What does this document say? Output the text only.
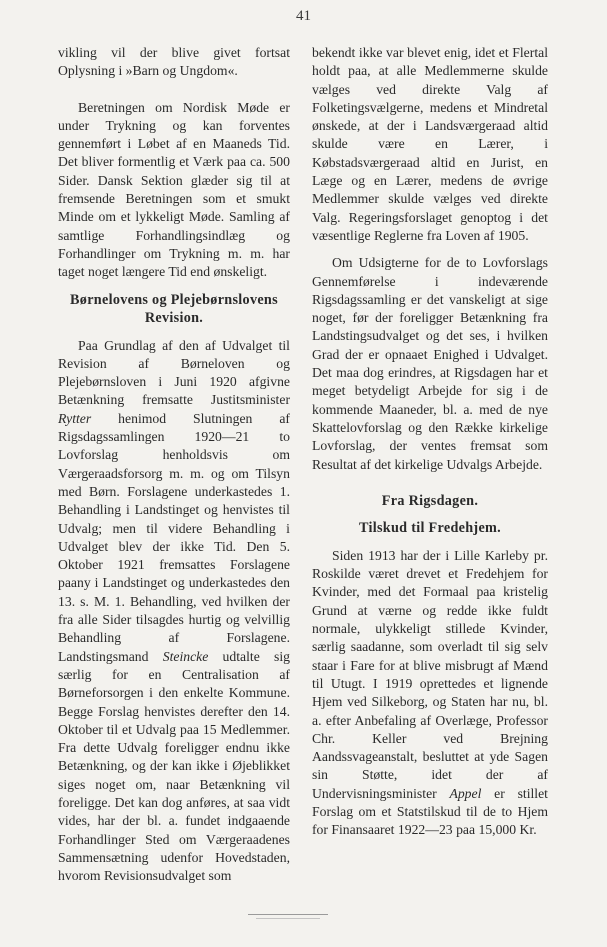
41

vikling vil der blive givet fortsat Oplysning i »Barn og Ungdom«.

Beretningen om Nordisk Møde er under Trykning og kan forventes gennemført i Løbet af en Maaneds Tid. Det bliver formentlig et Værk paa ca. 500 Sider. Dansk Sektion glæder sig til at fremsende Beretningen som et smukt Minde om et lykkeligt Møde. Samling af samtlige Forhandlingsindlæg og Forhandlinger om Trykning m. m. har taget noget længere Tid end ønskeligt.

Børnelovens og Plejebørnslovens Revision.

Paa Grundlag af den af Udvalget til Revision af Børneloven og Plejebørnsloven i Juni 1920 afgivne Betænkning fremsatte Justitsminister Rytter henimod Slutningen af Rigsdagssamlingen 1920—21 to Lovforslag henholdsvis om Værgeraadsforsorg m. m. og om Tilsyn med Børn. Forslagene underkastedes 1. Behandling i Landstinget og henvistes til Udvalg; men til videre Behandling i Udvalget blev der ikke Tid. Den 5. Oktober 1921 fremsattes Forslagene paany i Landstinget og underkastedes den 13. s. M. 1. Behandling, ved hvilken der fra alle Sider tilsagdes hurtig og velvillig Behandling af Forslagene. Landstingsmand Steincke udtalte sig særlig for en Centralisation af Børneforsorgen i den enkelte Kommune. Begge Forslag henvistes derefter den 14. Oktober til et Udvalg paa 15 Medlemmer. Fra dette Udvalg foreligger endnu ikke Betænkning, og der kan ikke i Øjeblikket siges noget om, naar Betænkning vil foreligge. Det kan dog anføres, at saa vidt vides, har der bl. a. fundet indgaaende Forhandlinger Sted om Værgeraadenes Sammensætning udenfor Hovedstaden, hvorom Revisionsudvalget som

bekendt ikke var blevet enig, idet et Flertal holdt paa, at alle Medlemmerne skulde vælges ved direkte Valg af Folketingsvælgerne, medens et Mindretal ønskede, at der i Landsværgeraad altid skulde være en Lærer, i Købstadsværgeraad altid en Jurist, en Læge og en Lærer, medens de øvrige Medlemmer skulde vælges ved direkte Valg. Regeringsforslaget genoptog i det væsentlige Reglerne fra Loven af 1905.

Om Udsigterne for de to Lovforslags Gennemførelse i indeværende Rigsdagssamling er det vanskeligt at sige noget, før der foreligger Betænkning fra Landstingsudvalget og det ses, i hvilken Grad der er opnaaet Enighed i Udvalget. Det maa dog erindres, at Rigsdagen har et meget betydeligt Arbejde for sig i de kommende Maaneder, bl. a. med de nye Skattelovforslag og den Række kirkelige Lovforslag, der ventes fremsat som Resultat af det kirkelige Udvalgs Arbejde.

Fra Rigsdagen.

Tilskud til Fredehjem.

Siden 1913 har der i Lille Karleby pr. Roskilde været drevet et Fredehjem for Kvinder, med det Formaal paa kristelig Grund at værne og redde ikke fuldt normale, ulykkeligt stillede Kvinder, særlig saadanne, som overladt til sig selv staar i Fare for at blive misbrugt af Mænd til Utugt. I 1919 oprettedes et lignende Hjem ved Silkeborg, og Staten har nu, bl. a. efter Anbefaling af Overlæge, Professor Chr. Keller ved Brejning Aandssvageanstalt, besluttet at yde Sagen sin Støtte, idet der af Undervisningsminister Appel er stillet Forslag om et Statstilskud til de to Hjem for Finansaaret 1922—23 paa 15,000 Kr.
